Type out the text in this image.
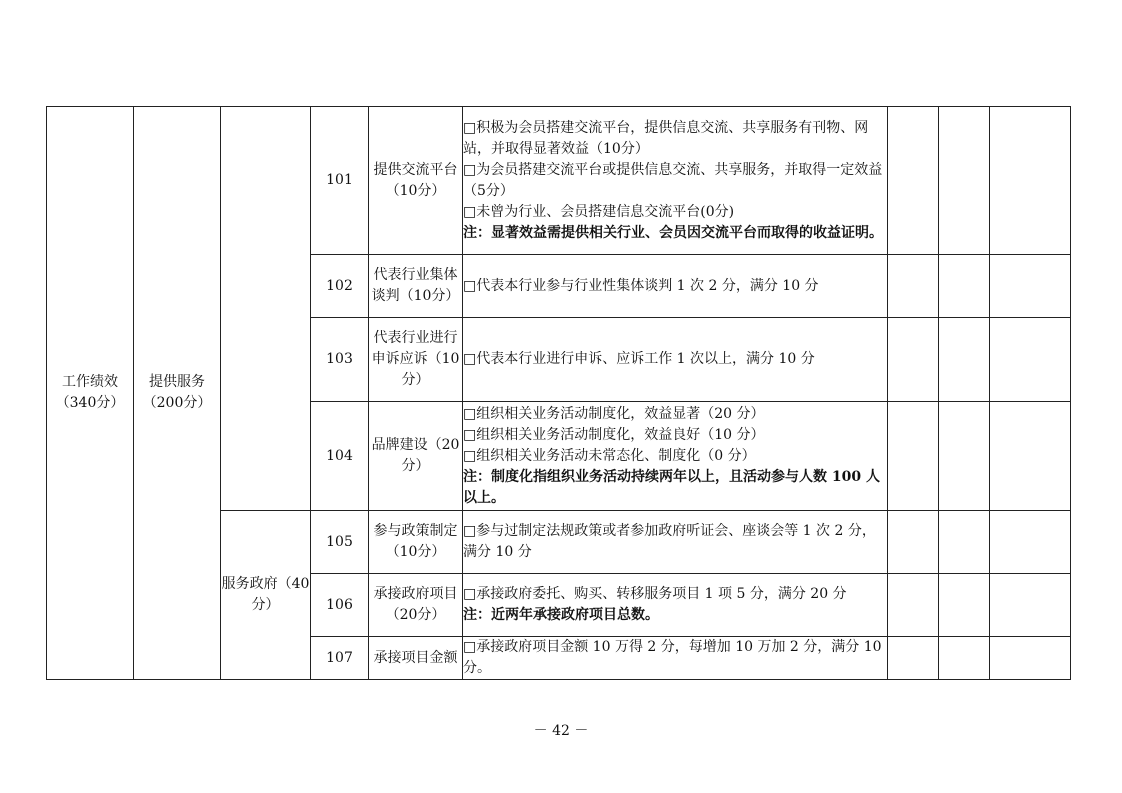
工作绩效（340分）	提供服务（200分）		101	提供交流平台（10分）	□积极为会员搭建交流平台，提供信息交流、共享服务有刊物、网站，并取得显著效益（10分）
□为会员搭建交流平台或提供信息交流、共享服务，并取得一定效益（5分）
□未曾为行业、会员搭建信息交流平台(0分)
注：显著效益需提供相关行业、会员因交流平台而取得的收益证明。			

			102	代表行业集体谈判（10分）	□代表本行业参与行业性集体谈判 1 次 2 分，满分 10 分			

			103	代表行业进行申诉应诉（10分）	□代表本行业进行申诉、应诉工作 1 次以上，满分 10 分			

			104	品牌建设（20分）	□组织相关业务活动制度化，效益显著（20 分）
□组织相关业务活动制度化，效益良好（10 分）
□组织相关业务活动未常态化、制度化（0 分）
注：制度化指组织业务活动持续两年以上，且活动参与人数 100 人以上。			

		服务政府（40分）	105	参与政策制定（10分）	□参与过制定法规政策或者参加政府听证会、座谈会等 1 次 2 分，满分 10 分			

			106	承接政府项目（20分）	□承接政府委托、购买、转移服务项目 1 项 5 分，满分 20 分
注：近两年承接政府项目总数。			

			107	承接项目金额	□承接政府项目金额 10 万得 2 分，每增加 10 万加 2 分，满分 10 分。			

－ 42 －
